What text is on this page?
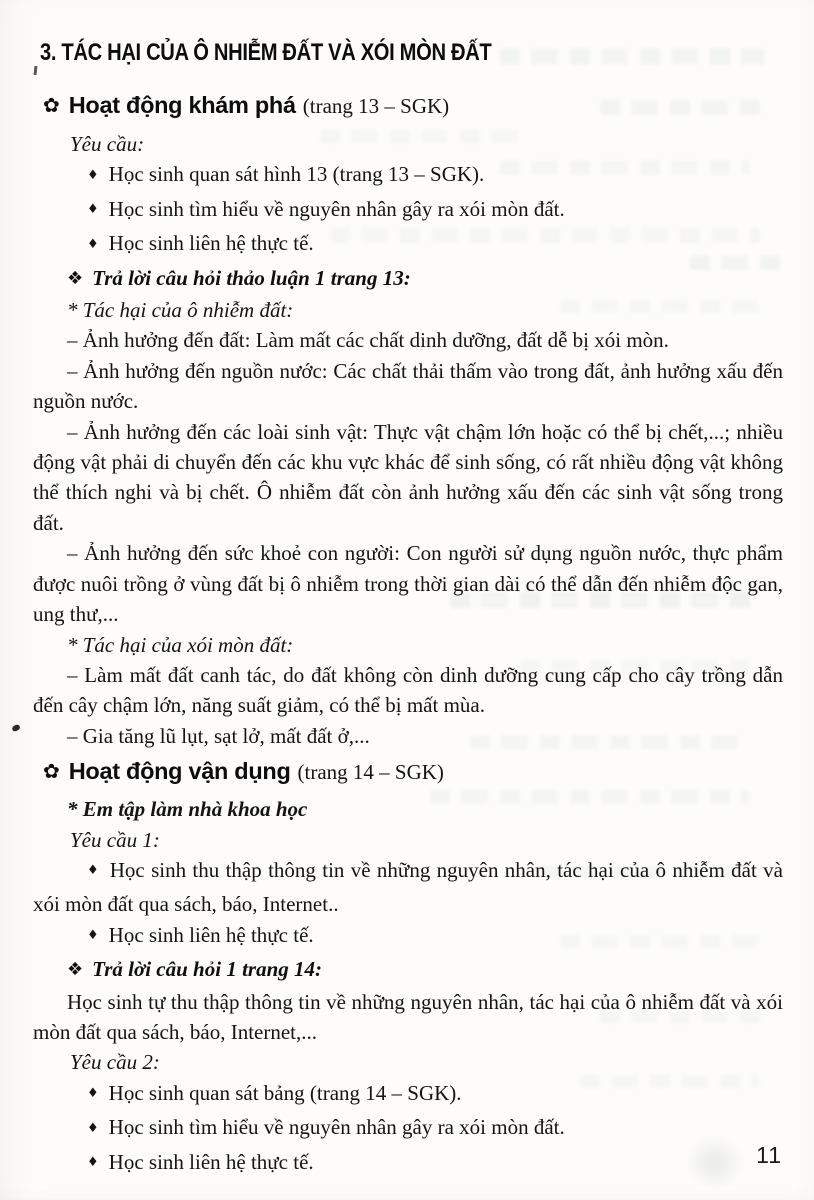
3. TÁC HẠI CỦA Ô NHIỄM ĐẤT VÀ XÓI MÒN ĐẤT

✿ Hoạt động khám phá (trang 13 – SGK)

Yêu cầu:

♦ Học sinh quan sát hình 13 (trang 13 – SGK).

♦ Học sinh tìm hiểu về nguyên nhân gây ra xói mòn đất.

♦ Học sinh liên hệ thực tế.

❖ Trả lời câu hỏi thảo luận 1 trang 13:

* Tác hại của ô nhiễm đất:

– Ảnh hưởng đến đất: Làm mất các chất dinh dưỡng, đất dễ bị xói mòn.

– Ảnh hưởng đến nguồn nước: Các chất thải thấm vào trong đất, ảnh hưởng xấu đến nguồn nước.

– Ảnh hưởng đến các loài sinh vật: Thực vật chậm lớn hoặc có thể bị chết,...; nhiều động vật phải di chuyển đến các khu vực khác để sinh sống, có rất nhiều động vật không thể thích nghi và bị chết. Ô nhiễm đất còn ảnh hưởng xấu đến các sinh vật sống trong đất.

– Ảnh hưởng đến sức khoẻ con người: Con người sử dụng nguồn nước, thực phẩm được nuôi trồng ở vùng đất bị ô nhiễm trong thời gian dài có thể dẫn đến nhiễm độc gan, ung thư,...

* Tác hại của xói mòn đất:

– Làm mất đất canh tác, do đất không còn dinh dưỡng cung cấp cho cây trồng dẫn đến cây chậm lớn, năng suất giảm, có thể bị mất mùa.

– Gia tăng lũ lụt, sạt lở, mất đất ở,...

✿ Hoạt động vận dụng (trang 14 – SGK)

* Em tập làm nhà khoa học

Yêu cầu 1:

♦ Học sinh thu thập thông tin về những nguyên nhân, tác hại của ô nhiễm đất và xói mòn đất qua sách, báo, Internet..

♦ Học sinh liên hệ thực tế.

❖ Trả lời câu hỏi 1 trang 14:

Học sinh tự thu thập thông tin về những nguyên nhân, tác hại của ô nhiễm đất và xói mòn đất qua sách, báo, Internet,...

Yêu cầu 2:

♦ Học sinh quan sát bảng (trang 14 – SGK).

♦ Học sinh tìm hiểu về nguyên nhân gây ra xói mòn đất.

♦ Học sinh liên hệ thực tế.	11
